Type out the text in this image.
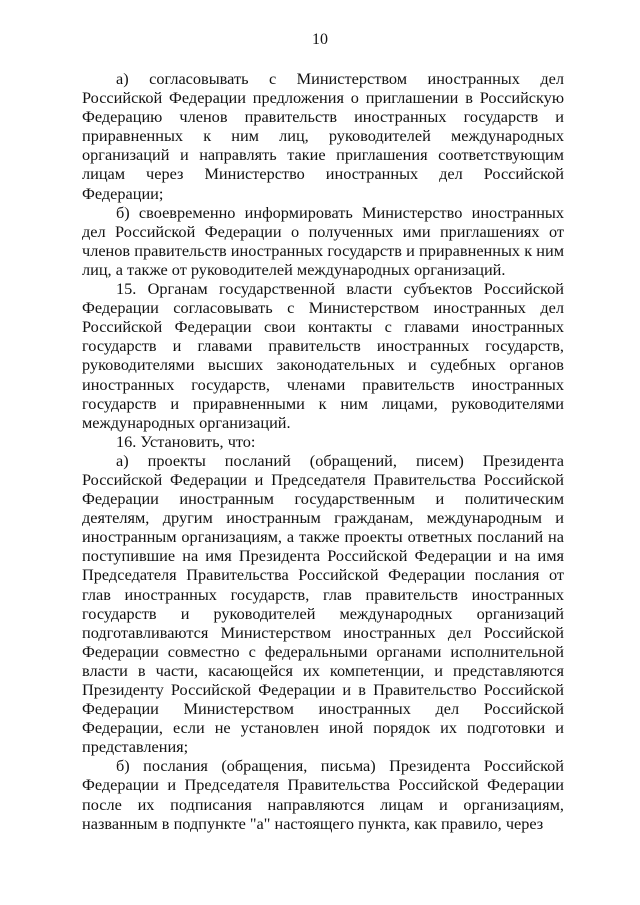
10

а) согласовывать с Министерством иностранных дел Российской Федерации предложения о приглашении в Российскую Федерацию членов правительств иностранных государств и приравненных к ним лиц, руководителей международных организаций и направлять такие приглашения соответствующим лицам через Министерство иностранных дел Российской Федерации;

б) своевременно информировать Министерство иностранных дел Российской Федерации о полученных ими приглашениях от членов правительств иностранных государств и приравненных к ним лиц, а также от руководителей международных организаций.

15. Органам государственной власти субъектов Российской Федерации согласовывать с Министерством иностранных дел Российской Федерации свои контакты с главами иностранных государств и главами правительств иностранных государств, руководителями высших законодательных и судебных органов иностранных государств, членами правительств иностранных государств и приравненными к ним лицами, руководителями международных организаций.

16. Установить, что:

а) проекты посланий (обращений, писем) Президента Российской Федерации и Председателя Правительства Российской Федерации иностранным государственным и политическим деятелям, другим иностранным гражданам, международным и иностранным организациям, а также проекты ответных посланий на поступившие на имя Президента Российской Федерации и на имя Председателя Правительства Российской Федерации послания от глав иностранных государств, глав правительств иностранных государств и руководителей международных организаций подготавливаются Министерством иностранных дел Российской Федерации совместно с федеральными органами исполнительной власти в части, касающейся их компетенции, и представляются Президенту Российской Федерации и в Правительство Российской Федерации Министерством иностранных дел Российской Федерации, если не установлен иной порядок их подготовки и представления;

б) послания (обращения, письма) Президента Российской Федерации и Председателя Правительства Российской Федерации после их подписания направляются лицам и организациям, названным в подпункте "а" настоящего пункта, как правило, через
